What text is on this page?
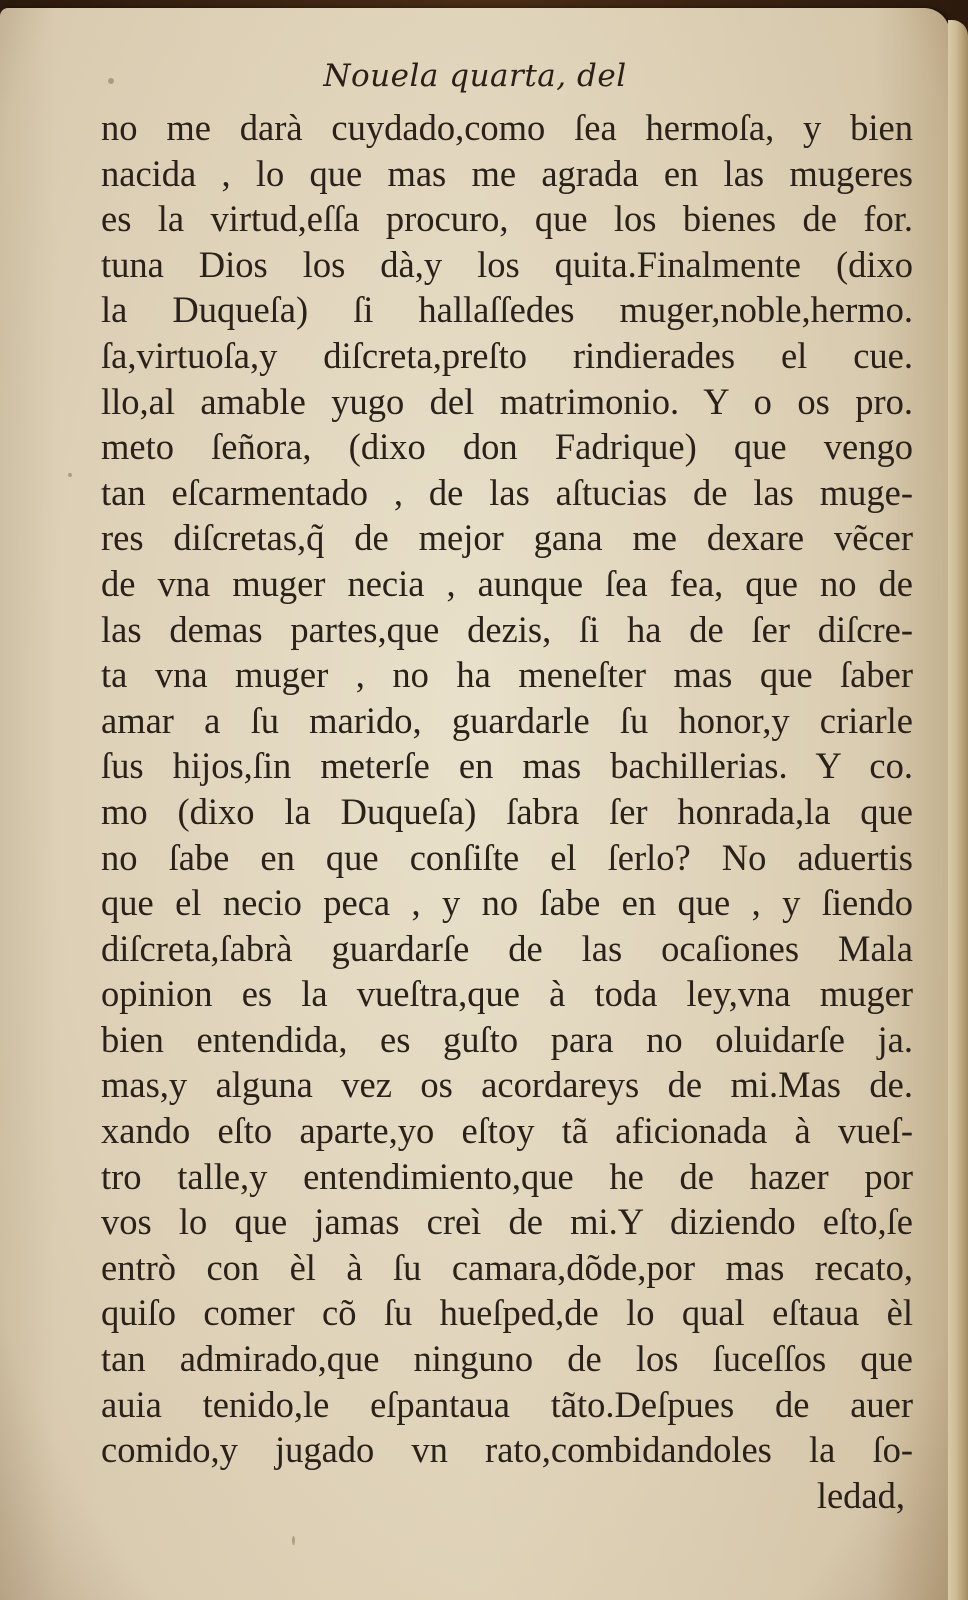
Nouela quarta, del
no me darà cuydado,como ſea hermoſa, y bien
nacida , lo que mas me agrada en las mugeres
es la virtud,eſſa procuro, que los bienes de for.
tuna Dios los dà,y los quita.Finalmente (dixo
la Duqueſa) ſi hallaſſedes muger,noble,hermo.
ſa,virtuoſa,y diſcreta,preſto rindierades el cue.
llo,al amable yugo del matrimonio. Y o os pro.
meto ſeñora, (dixo don Fadrique) que vengo
tan eſcarmentado , de las aſtucias de las muge-
res diſcretas,q̃ de mejor gana me dexare vẽcer
de vna muger necia , aunque ſea fea, que no de
las demas partes,que dezis, ſi ha de ſer diſcre-
ta vna muger , no ha meneſter mas que ſaber
amar a ſu marido, guardarle ſu honor,y criarle
ſus hijos,ſin meterſe en mas bachillerias. Y co.
mo (dixo la Duqueſa) ſabra ſer honrada,la que
no ſabe en que conſiſte el ſerlo? No aduertis
que el necio peca , y no ſabe en que , y ſiendo
diſcreta,ſabrà guardarſe de las ocaſiones Mala
opinion es la vueſtra,que à toda ley,vna muger
bien entendida, es guſto para no oluidarſe ja.
mas,y alguna vez os acordareys de mi.Mas de.
xando eſto aparte,yo eſtoy tã aficionada à vueſ-
tro talle,y entendimiento,que he de hazer por
vos lo que jamas creì de mi.Y diziendo eſto,ſe
entrò con èl à ſu camara,dõde,por mas recato,
quiſo comer cõ ſu hueſped,de lo qual eſtaua èl
tan admirado,que ninguno de los ſuceſſos que
auia tenido,le eſpantaua tãto.Deſpues de auer
comido,y jugado vn rato,combidandoles la ſo-
ledad,
